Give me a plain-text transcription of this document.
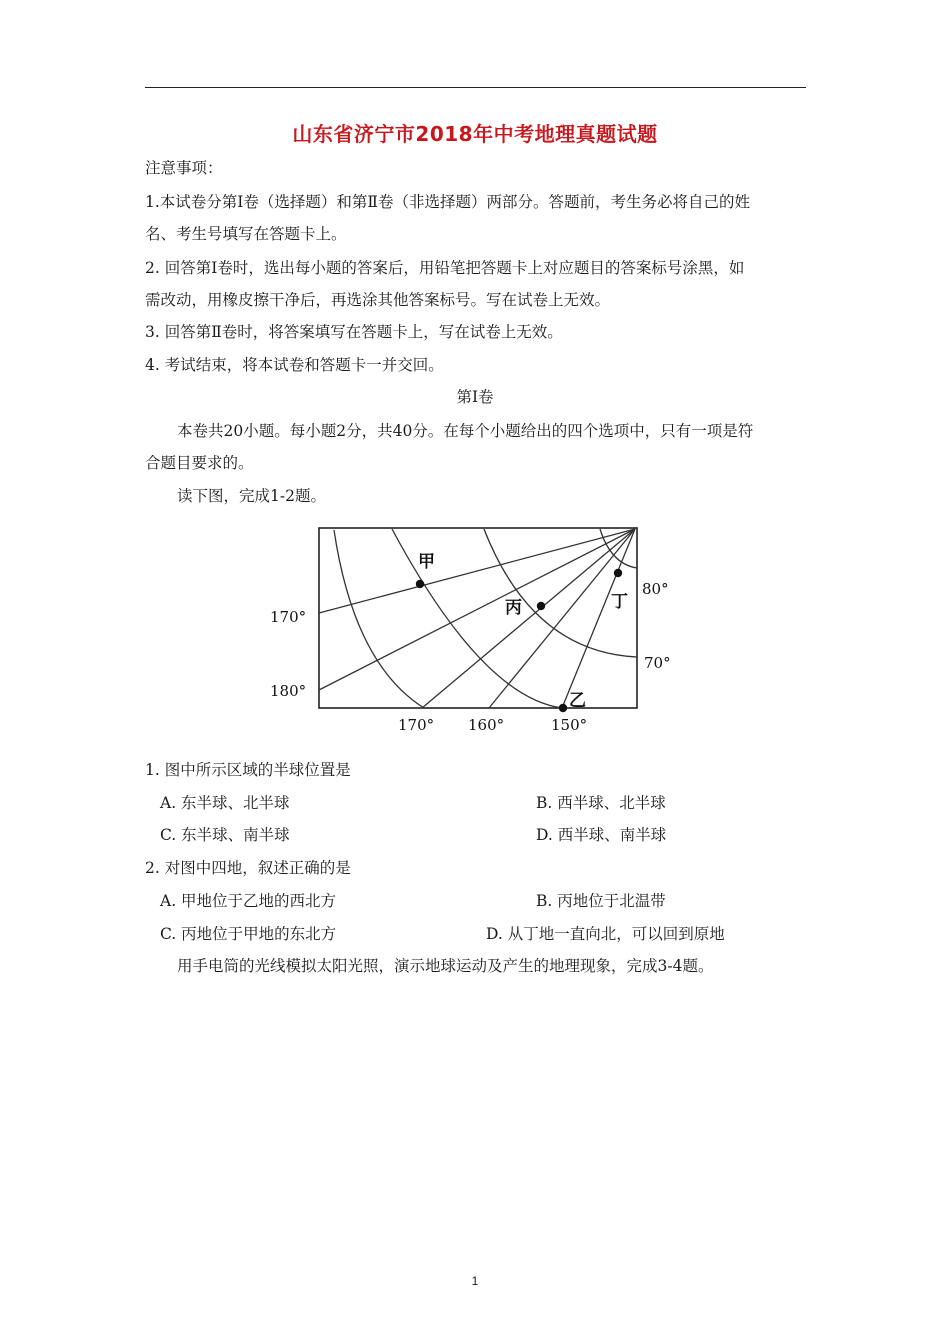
山东省济宁市2018年中考地理真题试题
注意事项：
1.本试卷分第Ⅰ卷（选择题）和第Ⅱ卷（非选择题）两部分。答题前，考生务必将自己的姓
名、考生号填写在答题卡上。
2. 回答第Ⅰ卷时，选出每小题的答案后，用铅笔把答题卡上对应题目的答案标号涂黑，如
需改动，用橡皮擦干净后，再选涂其他答案标号。写在试卷上无效。
3. 回答第Ⅱ卷时，将答案填写在答题卡上，写在试卷上无效。
4. 考试结束，将本试卷和答题卡一并交回。
第Ⅰ卷
本卷共20小题。每小题2分，共40分。在每个小题给出的四个选项中，只有一项是符
合题目要求的。
读下图，完成1-2题。
甲
丙	丁
乙
170°
180°
170° 160°	150°
80°
70°
1. 图中所示区域的半球位置是
A. 东半球、北半球	B. 西半球、北半球
C. 东半球、南半球	D. 西半球、南半球
2. 对图中四地，叙述正确的是
A. 甲地位于乙地的西北方	B. 丙地位于北温带
C. 丙地位于甲地的东北方	D. 从丁地一直向北，可以回到原地
用手电筒的光线模拟太阳光照，演示地球运动及产生的地理现象，完成3-4题。
1
